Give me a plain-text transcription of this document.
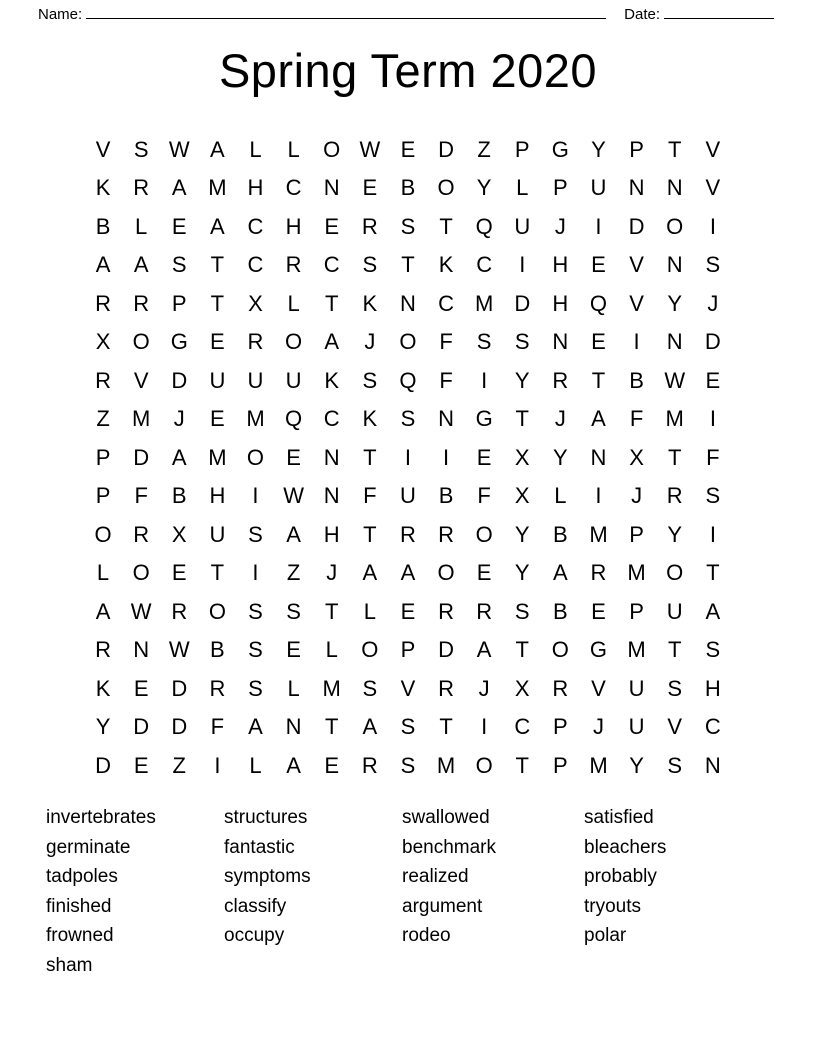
Name:	Date:
Spring Term 2020
V	S	W	A	L	L	O	W	E	D	Z	P	G	Y	P	T	V
K	R	A	M	H	C	N	E	B	O	Y	L	P	U	N	N	V
B	L	E	A	C	H	E	R	S	T	Q	U	J	I	D	O	I
A	A	S	T	C	R	C	S	T	K	C	I	H	E	V	N	S
R	R	P	T	X	L	T	K	N	C	M	D	H	Q	V	Y	J
X	O	G	E	R	O	A	J	O	F	S	S	N	E	I	N	D
R	V	D	U	U	U	K	S	Q	F	I	Y	R	T	B	W	E
Z	M	J	E	M	Q	C	K	S	N	G	T	J	A	F	M	I
P	D	A	M	O	E	N	T	I	I	E	X	Y	N	X	T	F
P	F	B	H	I	W	N	F	U	B	F	X	L	I	J	R	S
O	R	X	U	S	A	H	T	R	R	O	Y	B	M	P	Y	I
L	O	E	T	I	Z	J	A	A	O	E	Y	A	R	M	O	T
A	W	R	O	S	S	T	L	E	R	R	S	B	E	P	U	A
R	N	W	B	S	E	L	O	P	D	A	T	O	G	M	T	S
K	E	D	R	S	L	M	S	V	R	J	X	R	V	U	S	H
Y	D	D	F	A	N	T	A	S	T	I	C	P	J	U	V	C
D	E	Z	I	L	A	E	R	S	M	O	T	P	M	Y	S	N
invertebrates
germinate
tadpoles
finished
frowned
sham
structures
fantastic
symptoms
classify
occupy
swallowed
benchmark
realized
argument
rodeo
satisfied
bleachers
probably
tryouts
polar
